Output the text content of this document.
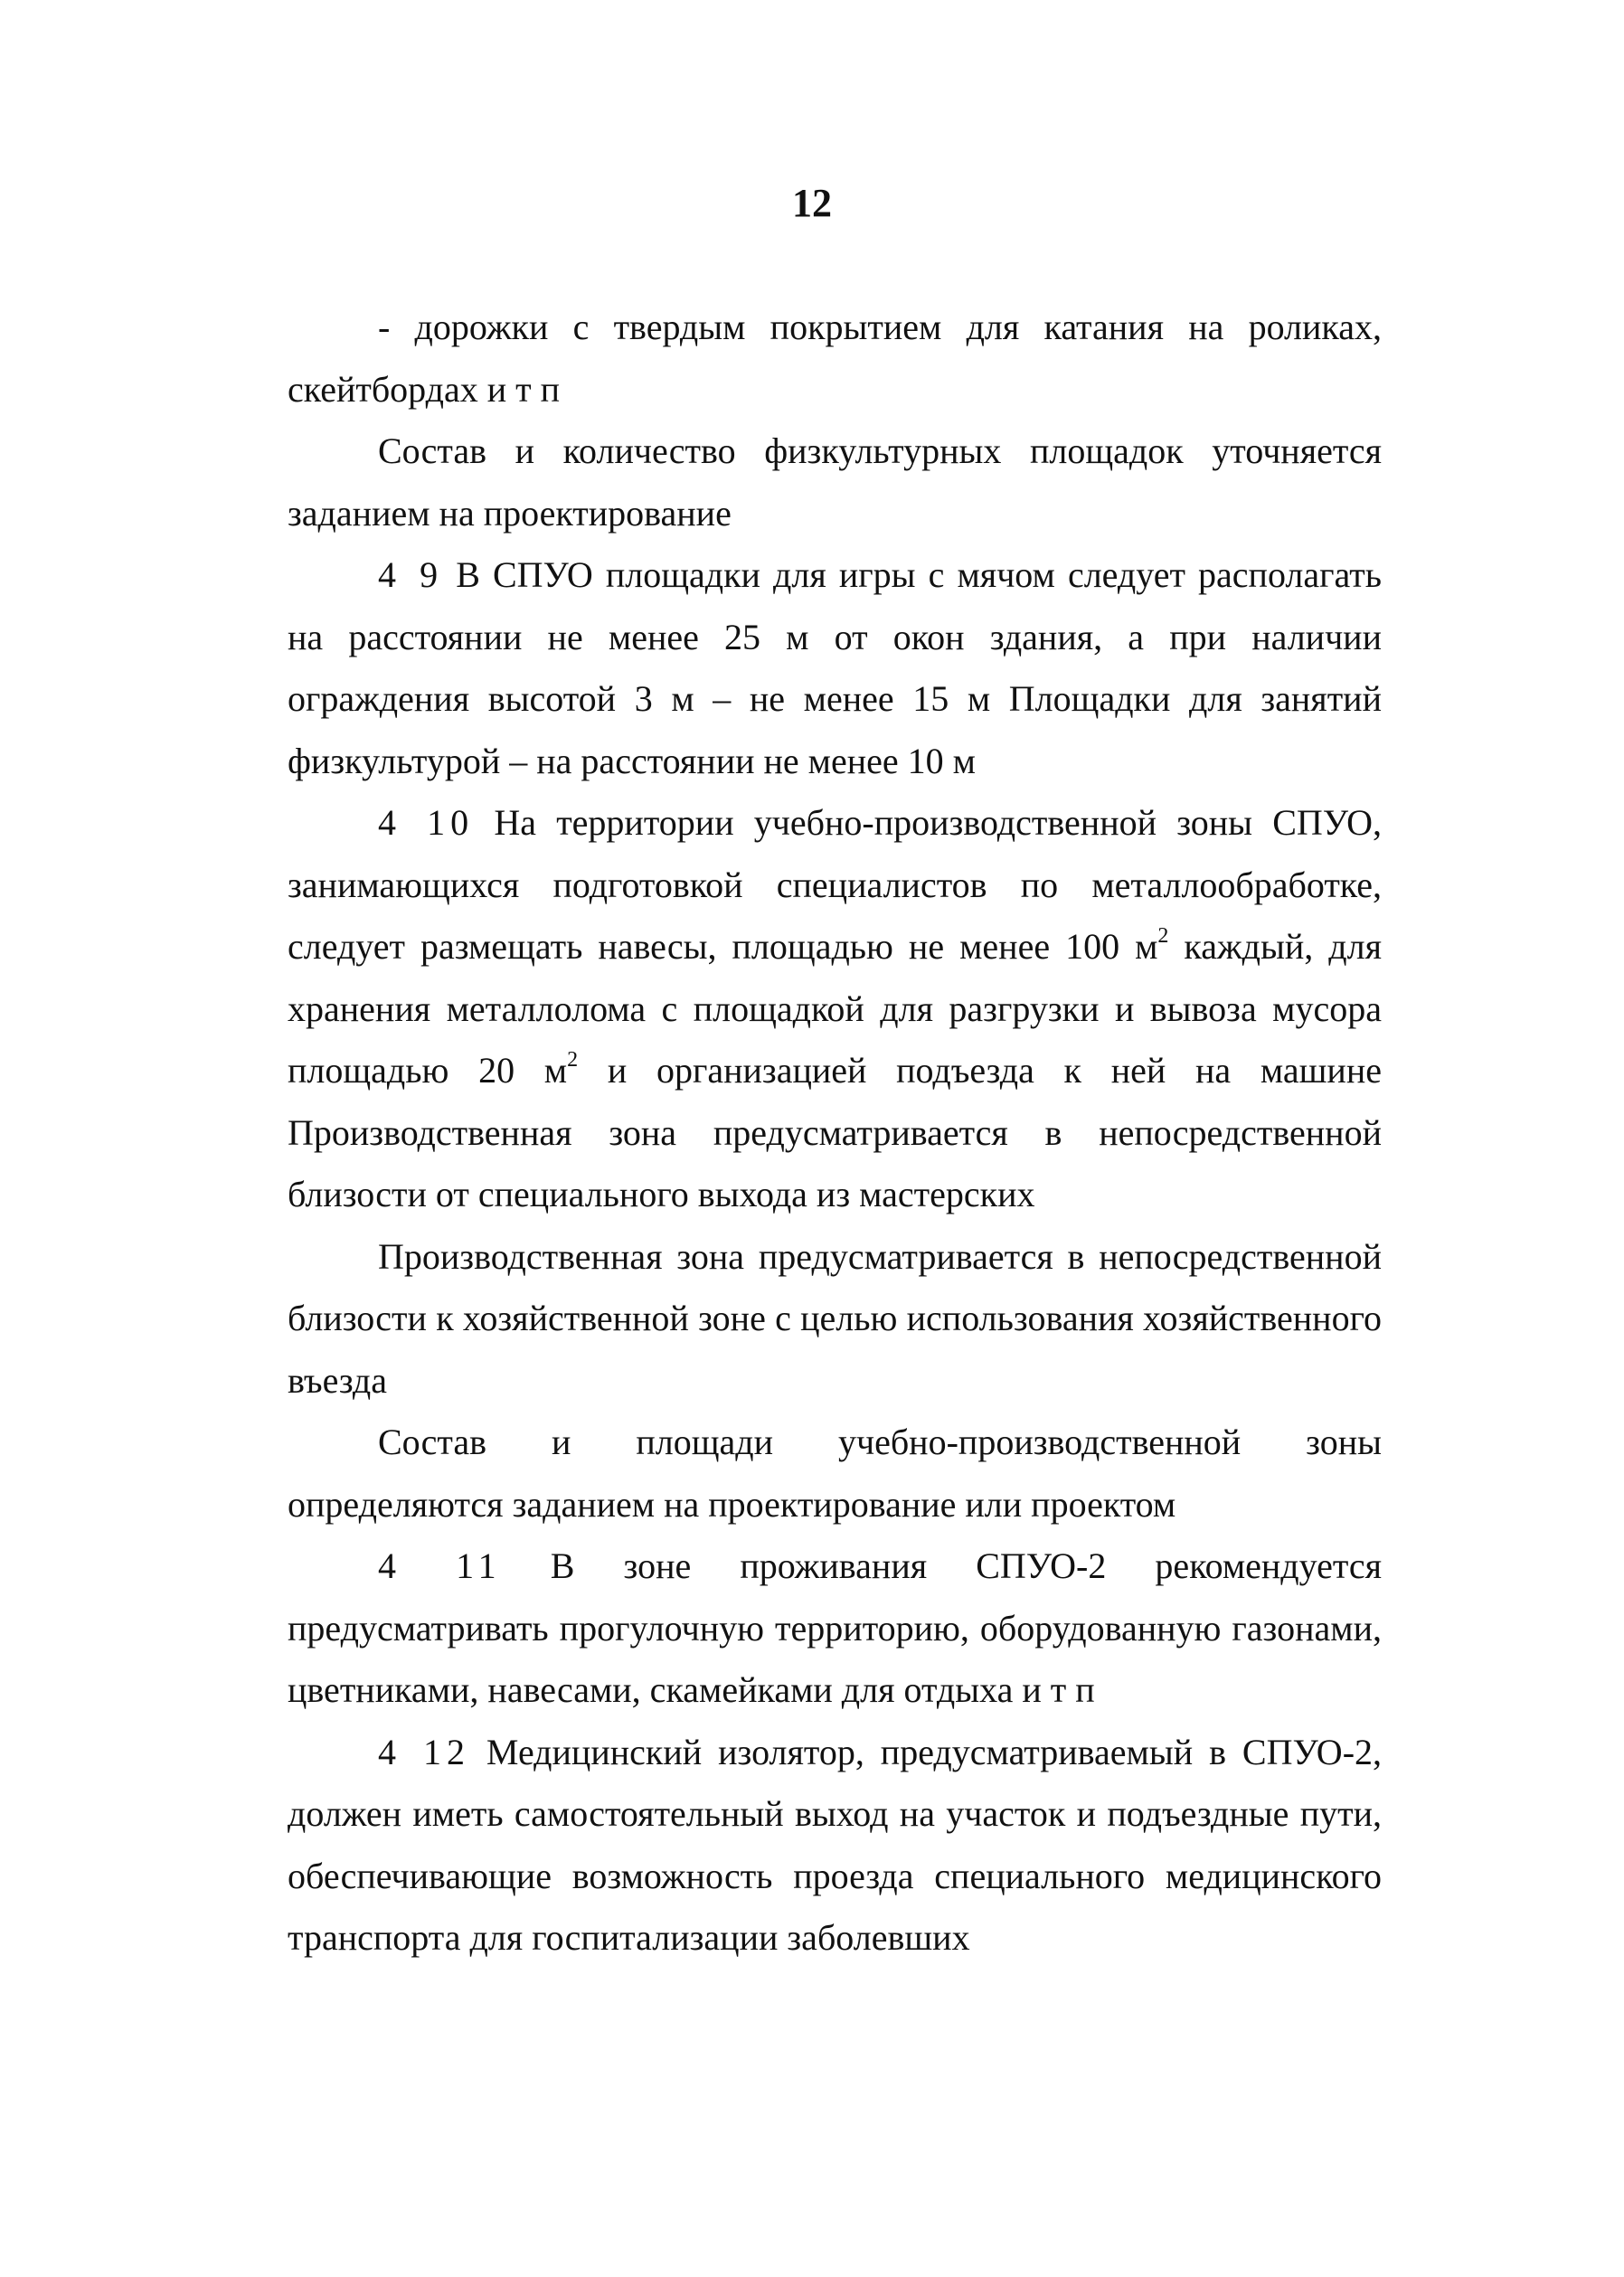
12

- дорожки с твердым покрытием для катания на роликах, скейтбордах и т п

Состав и количество физкультурных площадок уточняется заданием на проектирование

4 9 В СПУО площадки для игры с мячом следует располагать на расстоянии не менее 25 м от окон здания, а при наличии ограждения высотой 3 м – не менее 15 м Площадки для занятий физкультурой – на расстоянии не менее 10 м

4 10 На территории учебно-производственной зоны СПУО, занимающихся подготовкой специалистов по металлообработке, следует размещать навесы, площадью не менее 100 $м^2$ каждый, для хранения металлолома с площадкой для разгрузки и вывоза мусора площадью 20 $м^2$ и организацией подъезда к ней на машине Производственная зона предусматривается в непосредственной близости от специального выхода из мастерских

Производственная зона предусматривается в непосредственной близости к хозяйственной зоне с целью использования хозяйственного въезда

Состав и площади учебно-производственной зоны определяются заданием на проектирование или проектом

4 11 В зоне проживания СПУО-2 рекомендуется предусматривать прогулочную территорию, оборудованную газонами, цветниками, навесами, скамейками для отдыха и т п

4 12 Медицинский изолятор, предусматриваемый в СПУО-2, должен иметь самостоятельный выход на участок и подъездные пути, обеспечивающие возможность проезда специального медицинского транспорта для госпитализации заболевших
